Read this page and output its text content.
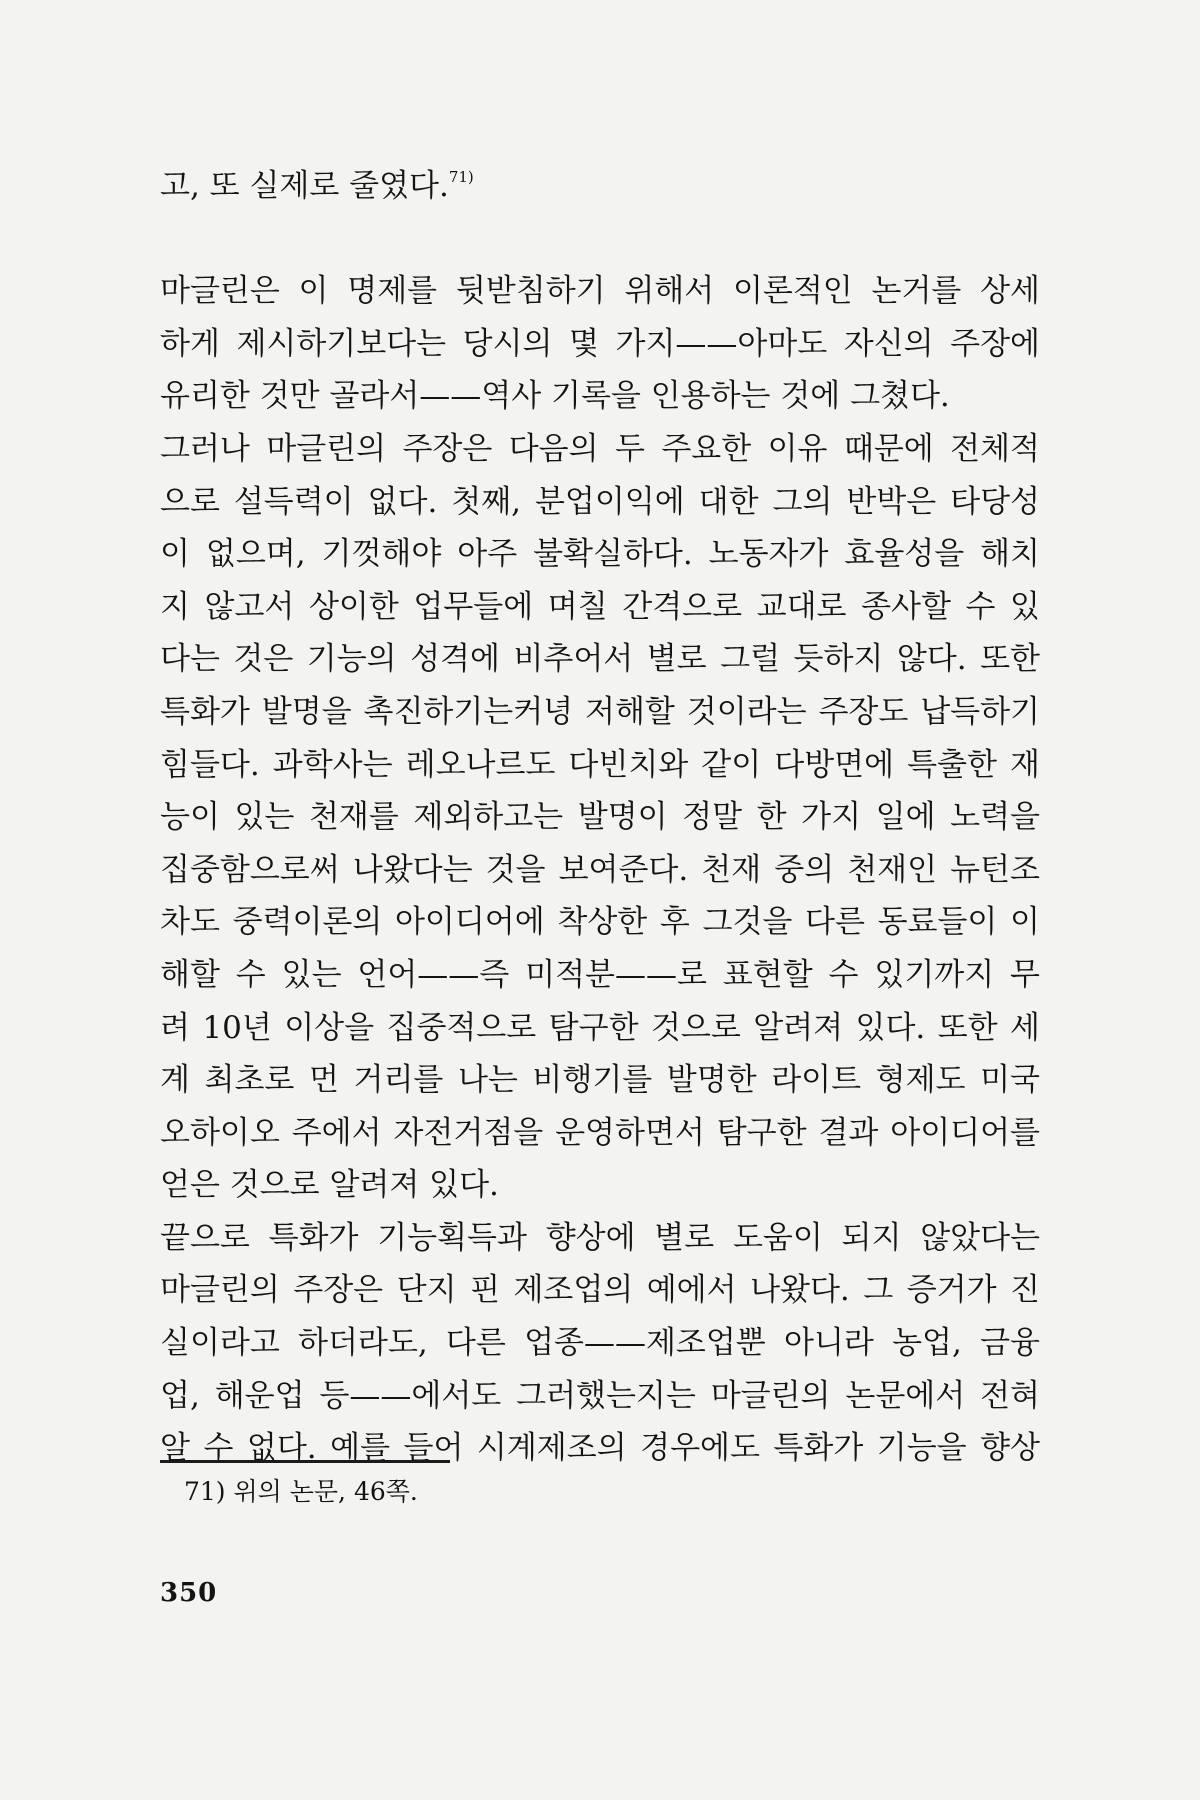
고, 또 실제로 줄였다.$^{71)}$
마글린은 이 명제를 뒷받침하기 위해서 이론적인 논거를 상세
하게 제시하기보다는 당시의 몇 가지——아마도 자신의 주장에
유리한 것만 골라서——역사 기록을 인용하는 것에 그쳤다.
그러나 마글린의 주장은 다음의 두 주요한 이유 때문에 전체적
으로 설득력이 없다. 첫째, 분업이익에 대한 그의 반박은 타당성
이 없으며, 기껏해야 아주 불확실하다. 노동자가 효율성을 해치
지 않고서 상이한 업무들에 며칠 간격으로 교대로 종사할 수 있
다는 것은 기능의 성격에 비추어서 별로 그럴 듯하지 않다. 또한
특화가 발명을 촉진하기는커녕 저해할 것이라는 주장도 납득하기
힘들다. 과학사는 레오나르도 다빈치와 같이 다방면에 특출한 재
능이 있는 천재를 제외하고는 발명이 정말 한 가지 일에 노력을
집중함으로써 나왔다는 것을 보여준다. 천재 중의 천재인 뉴턴조
차도 중력이론의 아이디어에 착상한 후 그것을 다른 동료들이 이
해할 수 있는 언어——즉 미적분——로 표현할 수 있기까지 무
려 10년 이상을 집중적으로 탐구한 것으로 알려져 있다. 또한 세
계 최초로 먼 거리를 나는 비행기를 발명한 라이트 형제도 미국
오하이오 주에서 자전거점을 운영하면서 탐구한 결과 아이디어를
얻은 것으로 알려져 있다.
끝으로 특화가 기능획득과 향상에 별로 도움이 되지 않았다는
마글린의 주장은 단지 핀 제조업의 예에서 나왔다. 그 증거가 진
실이라고 하더라도, 다른 업종——제조업뿐 아니라 농업, 금융
업, 해운업 등——에서도 그러했는지는 마글린의 논문에서 전혀
알 수 없다. 예를 들어 시계제조의 경우에도 특화가 기능을 향상
71) 위의 논문, 46쪽.
350
